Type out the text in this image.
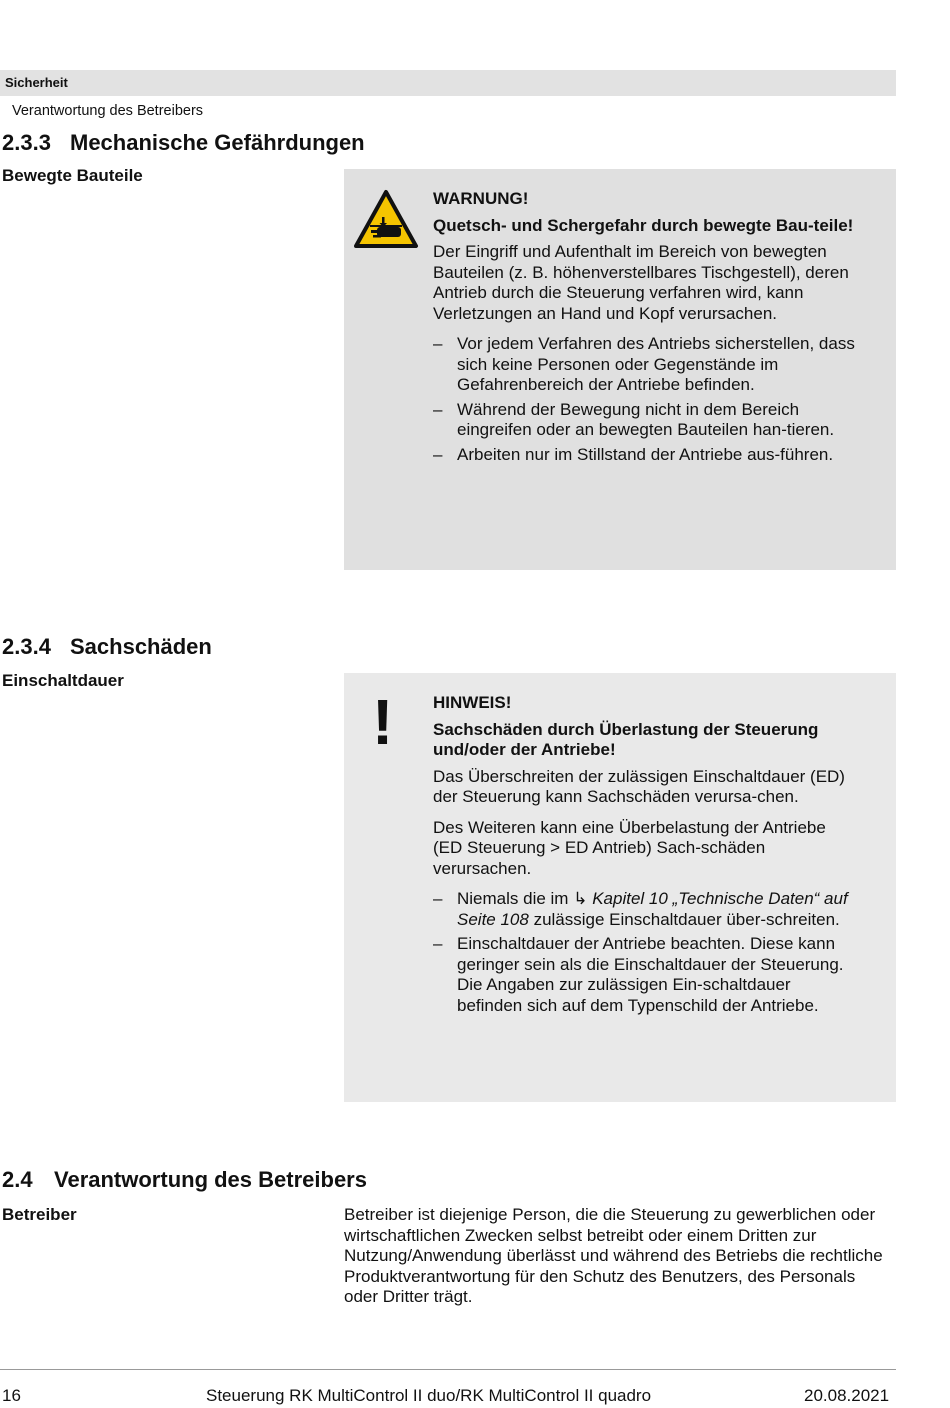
Sicherheit
Verantwortung des Betreibers
2.3.3 Mechanische Gefährdungen
Bewegte Bauteile
WARNUNG!
Quetsch- und Schergefahr durch bewegte Bau-teile!
Der Eingriff und Aufenthalt im Bereich von bewegten Bauteilen (z. B. höhenverstellbares Tischgestell), deren Antrieb durch die Steuerung verfahren wird, kann Verletzungen an Hand und Kopf verursachen.
– Vor jedem Verfahren des Antriebs sicherstellen, dass sich keine Personen oder Gegenstände im Gefahrenbereich der Antriebe befinden.
– Während der Bewegung nicht in dem Bereich eingreifen oder an bewegten Bauteilen han-tieren.
– Arbeiten nur im Stillstand der Antriebe aus-führen.
2.3.4 Sachschäden
Einschaltdauer
! HINWEIS!
Sachschäden durch Überlastung der Steuerung und/oder der Antriebe!
Das Überschreiten der zulässigen Einschaltdauer (ED) der Steuerung kann Sachschäden verursa-chen.
Des Weiteren kann eine Überbelastung der Antriebe (ED Steuerung > ED Antrieb) Sach-schäden verursachen.
– Niemals die im ↳ Kapitel 10 „Technische Daten“ auf Seite 108 zulässige Einschaltdauer über-schreiten.
– Einschaltdauer der Antriebe beachten. Diese kann geringer sein als die Einschaltdauer der Steuerung. Die Angaben zur zulässigen Ein-schaltdauer befinden sich auf dem Typenschild der Antriebe.
2.4 Verantwortung des Betreibers
Betreiber	Betreiber ist diejenige Person, die die Steuerung zu gewerblichen oder wirtschaftlichen Zwecken selbst betreibt oder einem Dritten zur Nutzung/Anwendung überlässt und während des Betriebs die rechtliche Produktverantwortung für den Schutz des Benutzers, des Personals oder Dritter trägt.
16	Steuerung RK MultiControl II duo/RK MultiControl II quadro	20.08.2021
